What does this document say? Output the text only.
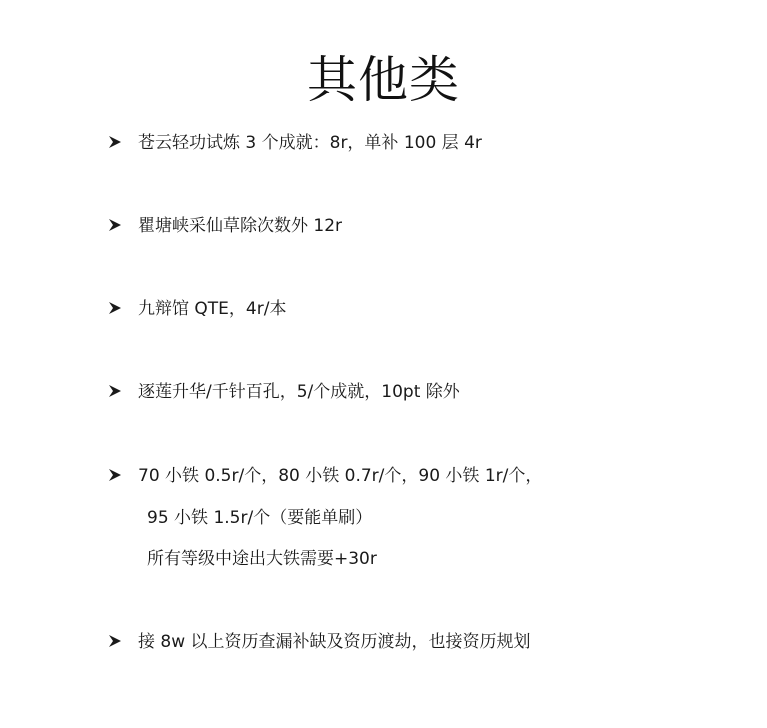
其他类
苍云轻功试炼 3 个成就：8r，单补 100 层 4r
瞿塘峡采仙草除次数外 12r
九辩馆 QTE，4r/本
逐莲升华/千针百孔，5/个成就，10pt 除外
70 小铁 0.5r/个，80 小铁 0.7r/个，90 小铁 1r/个，
95 小铁 1.5r/个（要能单刷）
所有等级中途出大铁需要+30r
接 8w 以上资历查漏补缺及资历渡劫，也接资历规划
